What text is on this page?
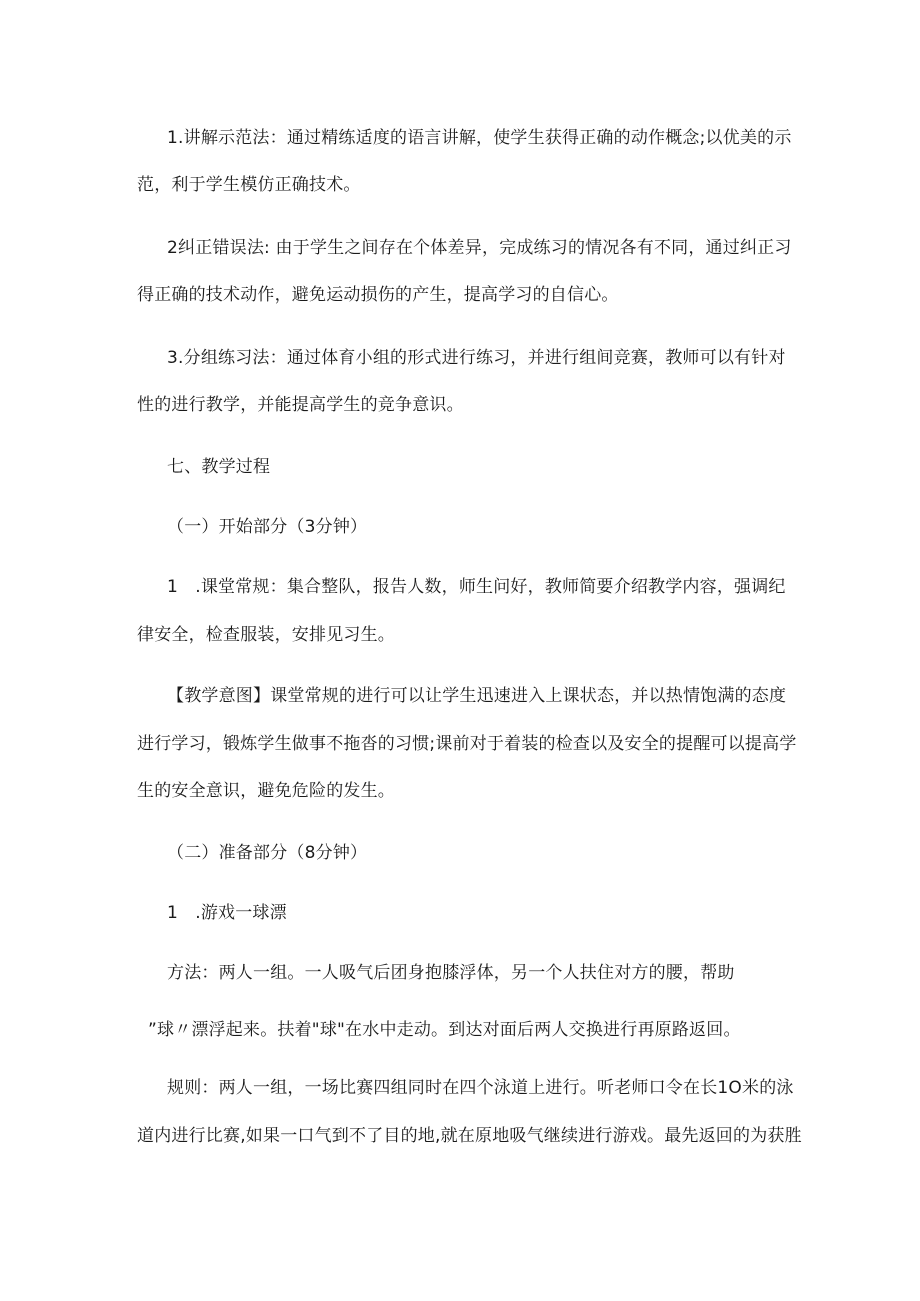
1.讲解示范法：通过精练适度的语言讲解，使学生获得正确的动作概念;以优美的示
范，利于学生模仿正确技术。
2纠正错误法: 由于学生之间存在个体差异，完成练习的情况各有不同，通过纠正习
得正确的技术动作，避免运动损伤的产生，提高学习的自信心。
3.分组练习法：通过体育小组的形式进行练习，并进行组间竞赛，教师可以有针对
性的进行教学，并能提高学生的竞争意识。
七、教学过程
（一）开始部分（3分钟）
1　.课堂常规：集合整队，报告人数，师生问好，教师简要介绍教学内容，强调纪
律安全，检查服装，安排见习生。
【教学意图】课堂常规的进行可以让学生迅速进入上课状态，并以热情饱满的态度
进行学习，锻炼学生做事不拖沓的习惯;课前对于着装的检查以及安全的提醒可以提高学
生的安全意识，避免危险的发生。
（二）准备部分（8分钟）
1　.游戏一球漂
方法：两人一组。一人吸气后团身抱膝浮体，另一个人扶住对方的腰，帮助
”球〃漂浮起来。扶着"球"在水中走动。到达对面后两人交换进行再原路返回。
规则：两人一组，一场比赛四组同时在四个泳道上进行。听老师口令在长1O米的泳
道内进行比赛,如果一口气到不了目的地,就在原地吸气继续进行游戏。最先返回的为获胜
